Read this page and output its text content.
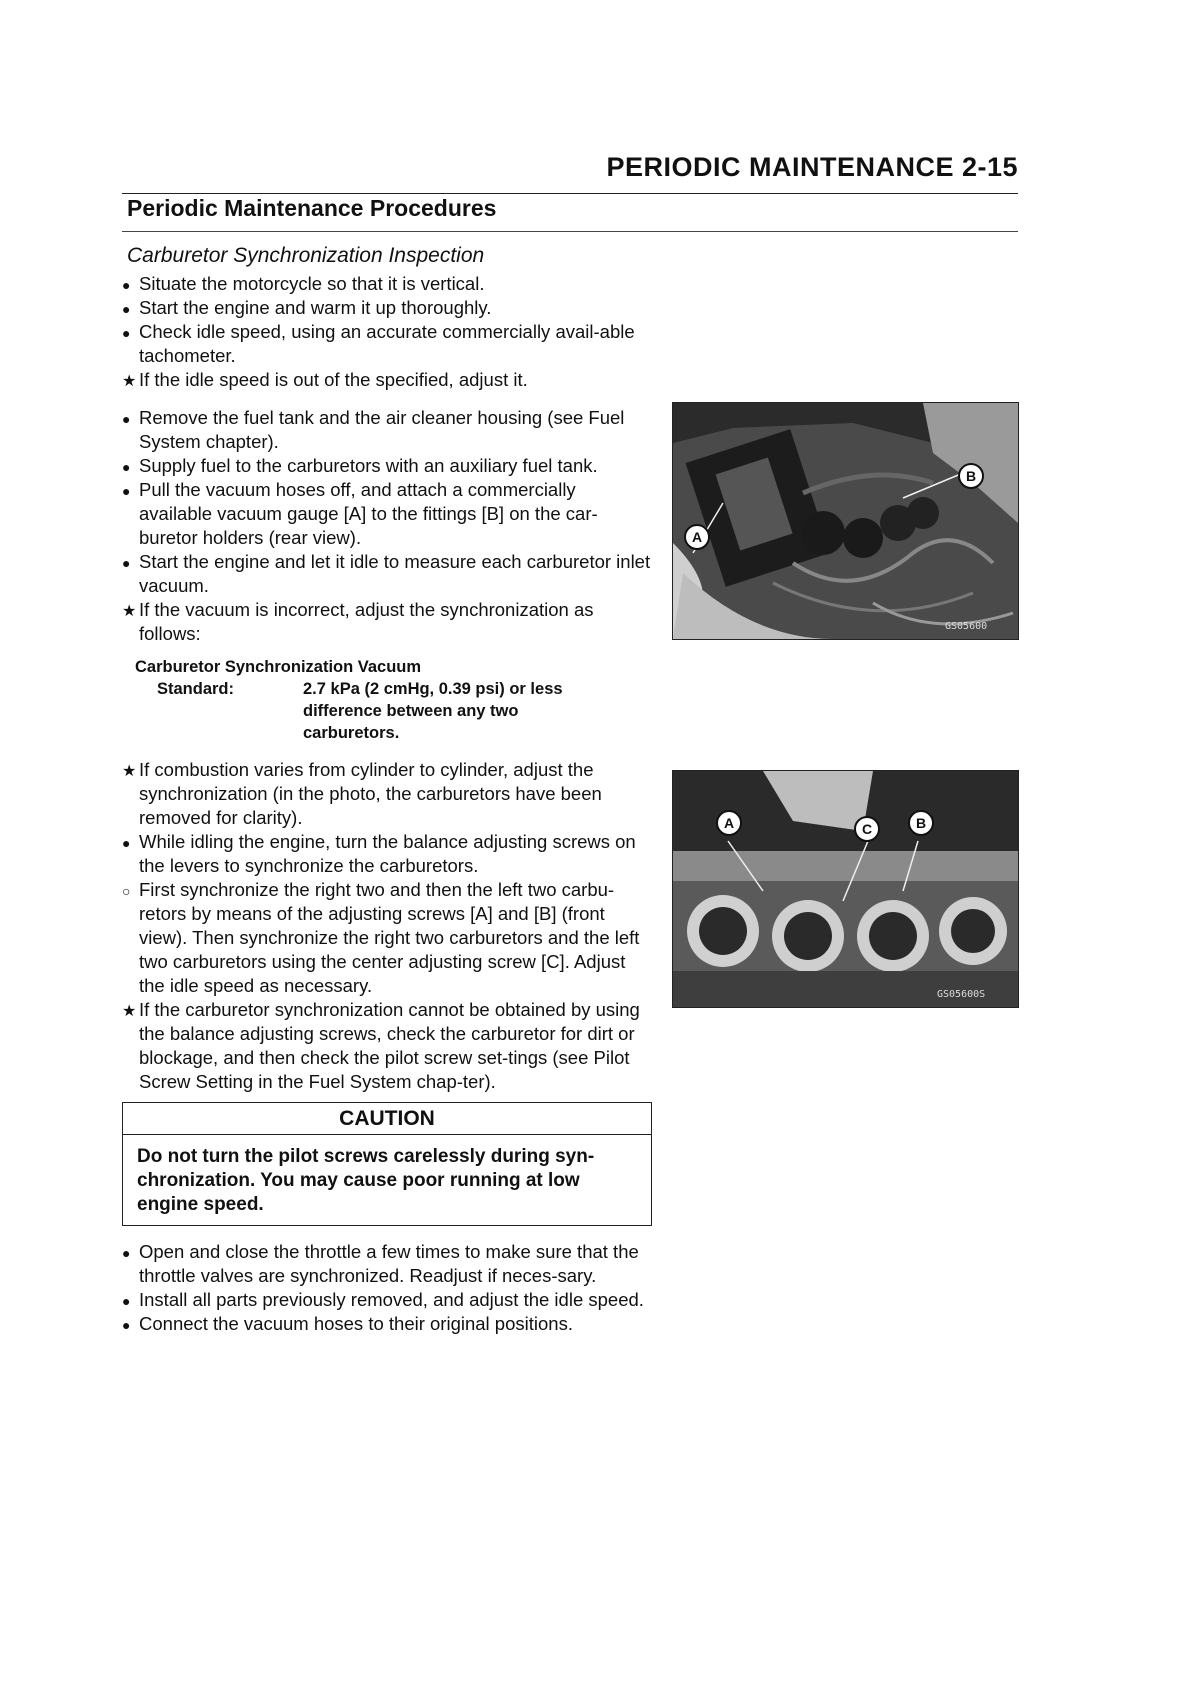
PERIODIC MAINTENANCE 2-15
Periodic Maintenance Procedures
Carburetor Synchronization Inspection
●
Situate the motorcycle so that it is vertical.
●
Start the engine and warm it up thoroughly.
●
Check idle speed, using an accurate commercially avail-able tachometer.
★
If the idle speed is out of the specified, adjust it.
●
Remove the fuel tank and the air cleaner housing (see Fuel System chapter).
●
Supply fuel to the carburetors with an auxiliary fuel tank.
●
Pull the vacuum hoses off, and attach a commercially available vacuum gauge [A] to the fittings [B] on the car-buretor holders (rear view).
●
Start the engine and let it idle to measure each carburetor inlet vacuum.
★
If the vacuum is incorrect, adjust the synchronization as follows:
Carburetor Synchronization Vacuum
Standard:	2.7 kPa (2 cmHg, 0.39 psi) or less difference between any two carburetors.
★
If combustion varies from cylinder to cylinder, adjust the synchronization (in the photo, the carburetors have been removed for clarity).
●
While idling the engine, turn the balance adjusting screws on the levers to synchronize the carburetors.
○
First synchronize the right two and then the left two carbu-retors by means of the adjusting screws [A] and [B] (front view). Then synchronize the right two carburetors and the left two carburetors using the center adjusting screw [C]. Adjust the idle speed as necessary.
★
If the carburetor synchronization cannot be obtained by using the balance adjusting screws, check the carburetor for dirt or blockage, and then check the pilot screw set-tings (see Pilot Screw Setting in the Fuel System chap-ter).
CAUTION
Do not turn the pilot screws carelessly during syn-chronization. You may cause poor running at low engine speed.
●
Open and close the throttle a few times to make sure that the throttle valves are synchronized. Readjust if neces-sary.
●
Install all parts previously removed, and adjust the idle speed.
●
Connect the vacuum hoses to their original positions.
A
B
GS05600
A	C	B
GS05600S
